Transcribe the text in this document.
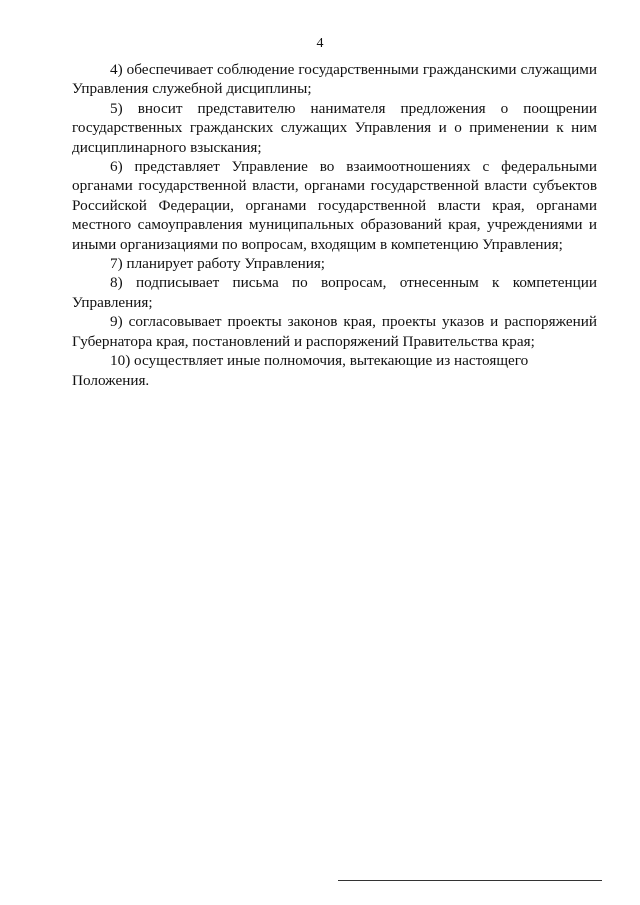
4

4) обеспечивает соблюдение государственными гражданскими служащими Управления служебной дисциплины;

5) вносит представителю нанимателя предложения о поощрении государственных гражданских служащих Управления и о применении к ним дисциплинарного взыскания;

6) представляет Управление во взаимоотношениях с федеральными органами государственной власти, органами государственной власти субъектов Российской Федерации, органами государственной власти края, органами местного самоуправления муниципальных образований края, учреждениями и иными организациями по вопросам, входящим в компетенцию Управления;

7) планирует работу Управления;

8) подписывает письма по вопросам, отнесенным к компетенции Управления;

9) согласовывает проекты законов края, проекты указов и распоряжений Губернатора края, постановлений и распоряжений Правительства края;

10) осуществляет иные полномочия, вытекающие из настоящего Положения.
